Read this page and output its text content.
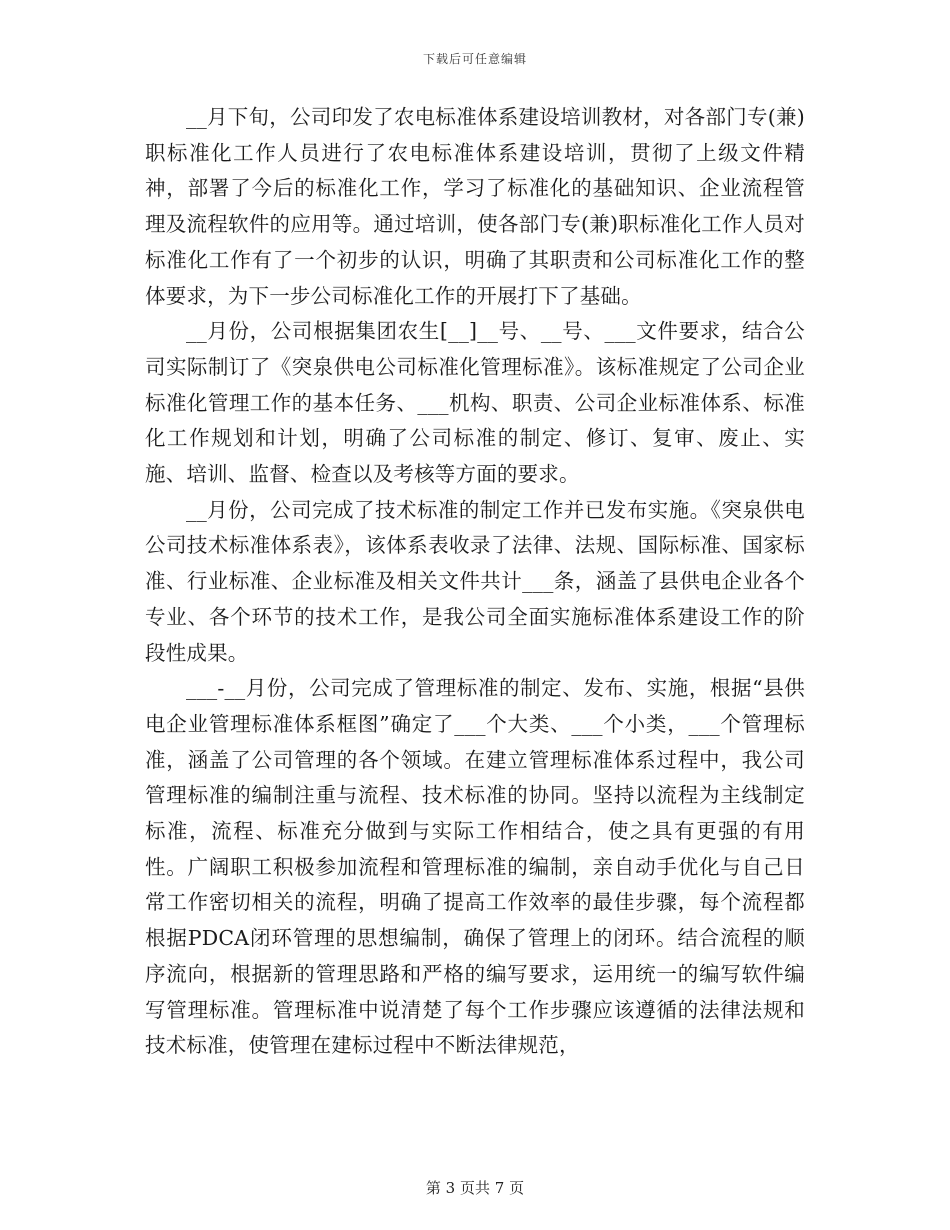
下载后可任意编辑

__月下旬，公司印发了农电标准体系建设培训教材，对各部门专(兼)职标准化工作人员进行了农电标准体系建设培训，贯彻了上级文件精神，部署了今后的标准化工作，学习了标准化的基础知识、企业流程管理及流程软件的应用等。通过培训，使各部门专(兼)职标准化工作人员对标准化工作有了一个初步的认识，明确了其职责和公司标准化工作的整体要求，为下一步公司标准化工作的开展打下了基础。

__月份，公司根据集团农生[__]__号、__号、___文件要求，结合公司实际制订了《突泉供电公司标准化管理标准》。该标准规定了公司企业标准化管理工作的基本任务、___机构、职责、公司企业标准体系、标准化工作规划和计划，明确了公司标准的制定、修订、复审、废止、实施、培训、监督、检查以及考核等方面的要求。

__月份，公司完成了技术标准的制定工作并已发布实施。《突泉供电公司技术标准体系表》，该体系表收录了法律、法规、国际标准、国家标准、行业标准、企业标准及相关文件共计___条，涵盖了县供电企业各个专业、各个环节的技术工作，是我公司全面实施标准体系建设工作的阶段性成果。

___-__月份，公司完成了管理标准的制定、发布、实施，根据“县供电企业管理标准体系框图”确定了___个大类、___个小类，___个管理标准，涵盖了公司管理的各个领域。在建立管理标准体系过程中，我公司管理标准的编制注重与流程、技术标准的协同。坚持以流程为主线制定标准，流程、标准充分做到与实际工作相结合，使之具有更强的有用性。广阔职工积极参加流程和管理标准的编制，亲自动手优化与自己日常工作密切相关的流程，明确了提高工作效率的最佳步骤，每个流程都根据PDCA闭环管理的思想编制，确保了管理上的闭环。结合流程的顺序流向，根据新的管理思路和严格的编写要求，运用统一的编写软件编写管理标准。管理标准中说清楚了每个工作步骤应该遵循的法律法规和技术标准，使管理在建标过程中不断法律规范，

第 3 页共 7 页
